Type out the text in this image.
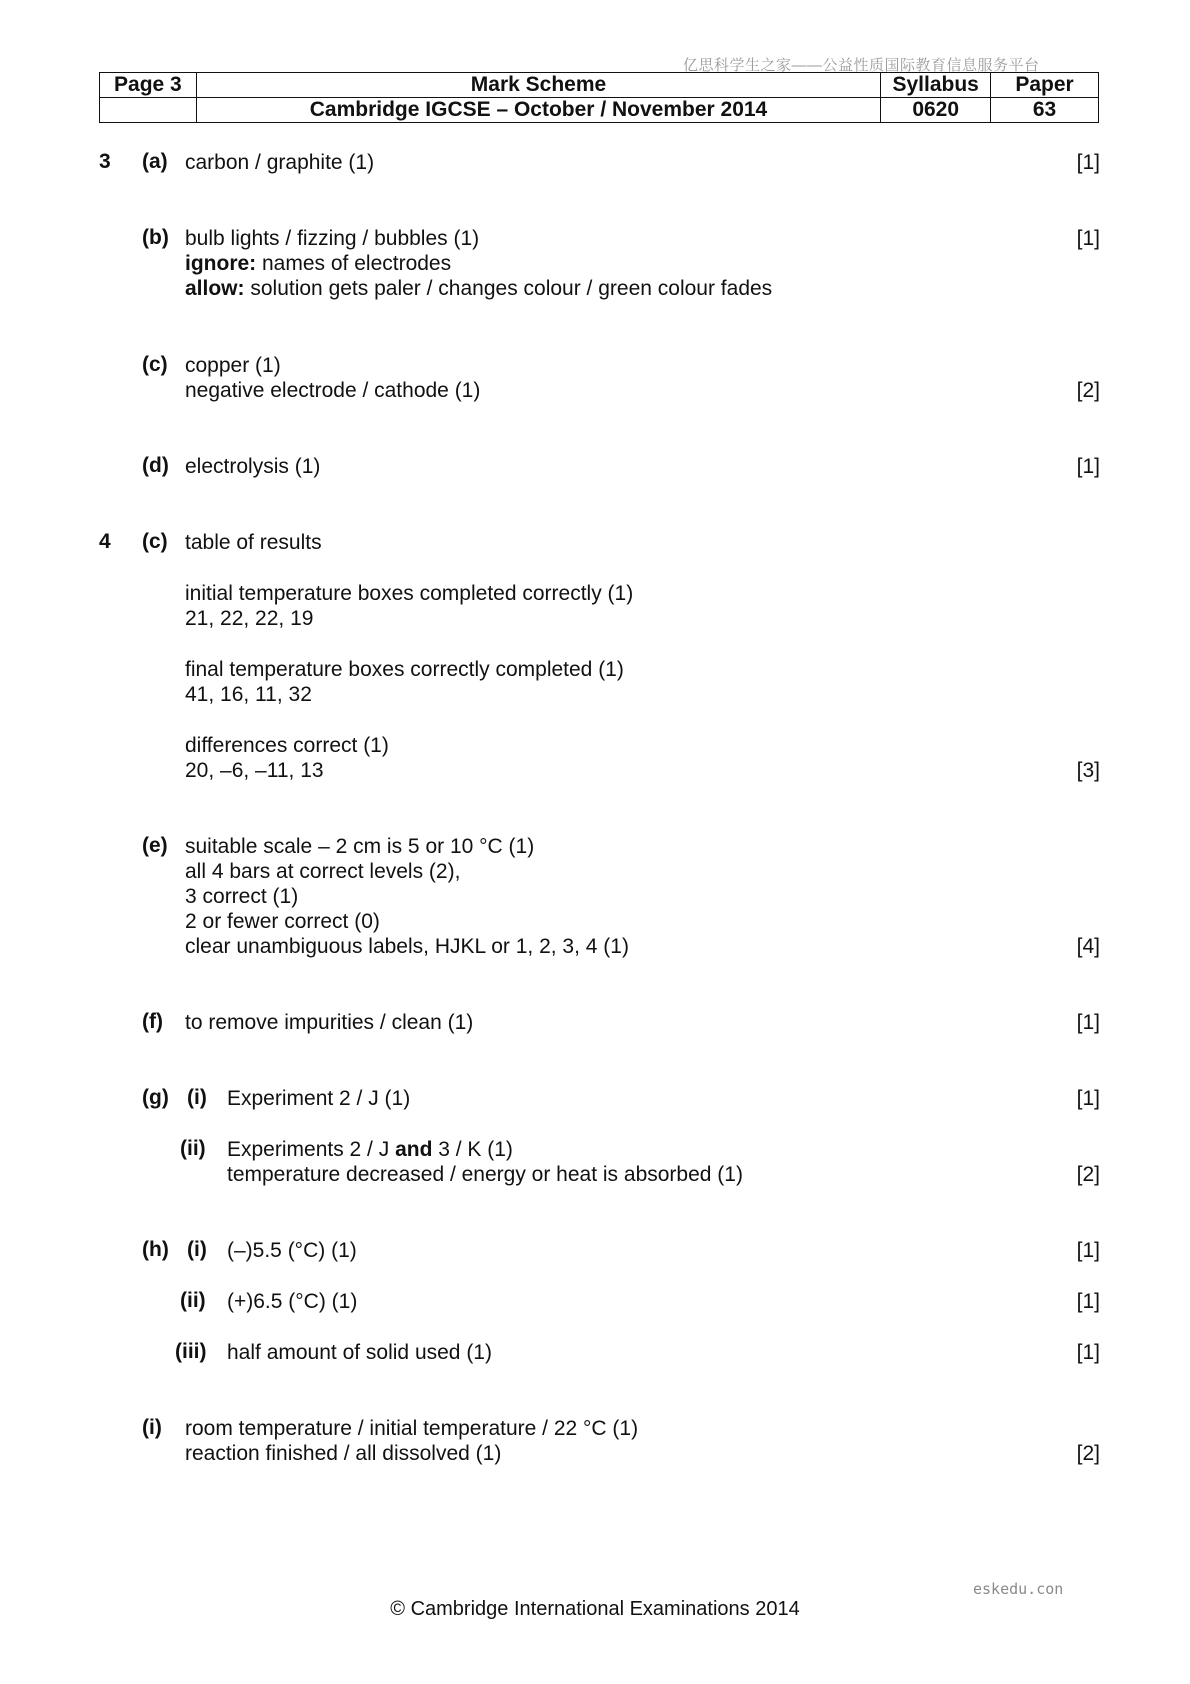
亿思科学生之家——公益性质国际教育信息服务平台
Page 3	Mark Scheme	Syllabus	Paper
	Cambridge IGCSE – October / November 2014	0620	63
3 (a) carbon / graphite (1)	[1]
(b) bulb lights / fizzing / bubbles (1)	[1]
ignore: names of electrodes
allow: solution gets paler / changes colour / green colour fades
(c) copper (1)
negative electrode / cathode (1)	[2]
(d) electrolysis (1)	[1]
4 (c) table of results
initial temperature boxes completed correctly (1)
21, 22, 22, 19
final temperature boxes correctly completed (1)
41, 16, 11, 32
differences correct (1)
20, –6, –11, 13	[3]
(e) suitable scale – 2 cm is 5 or 10 °C (1)
all 4 bars at correct levels (2),
3 correct (1)
2 or fewer correct (0)
clear unambiguous labels, HJKL or 1, 2, 3, 4 (1)	[4]
(f) to remove impurities / clean (1)	[1]
(g) (i) Experiment 2 / J (1)	[1]
(ii) Experiments 2 / J and 3 / K (1)
temperature decreased / energy or heat is absorbed (1)	[2]
(h) (i) (–)5.5 (°C) (1)	[1]
(ii) (+)6.5 (°C) (1)	[1]
(iii) half amount of solid used (1)	[1]
(i) room temperature / initial temperature / 22 °C (1)
reaction finished / all dissolved (1)	[2]
eskedu.con
© Cambridge International Examinations 2014
